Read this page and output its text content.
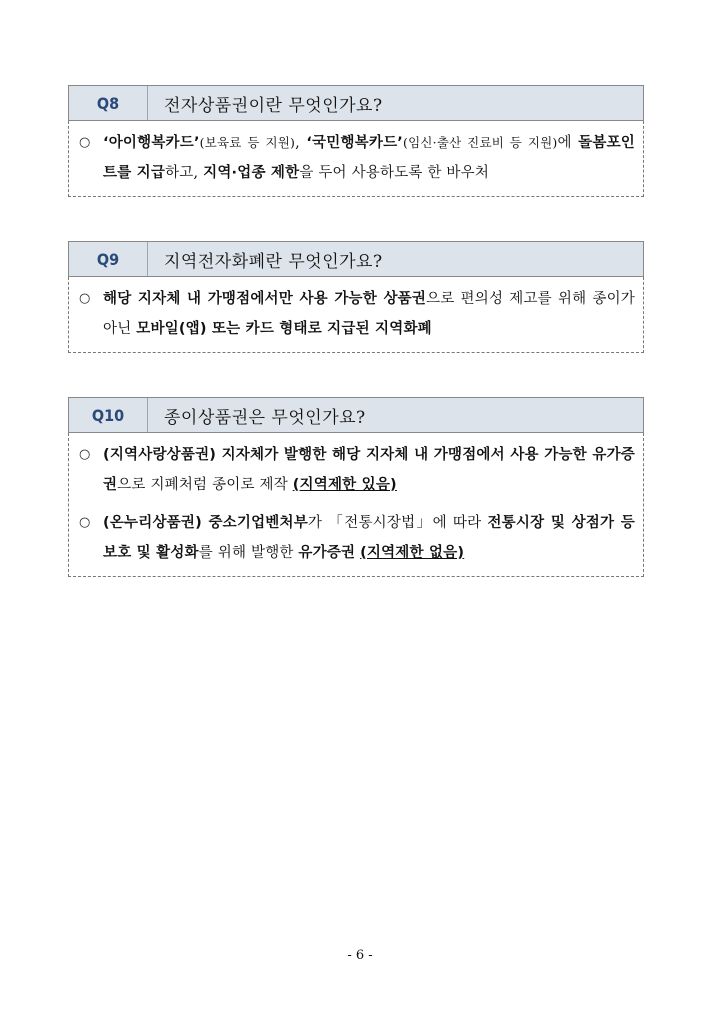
Q8	전자상품권이란 무엇인가요?
○ ‘아이행복카드’(보육료 등 지원), ‘국민행복카드’(임신·출산 진료비 등 지원)에 돌봄포인트를 지급하고, 지역·업종 제한을 두어 사용하도록 한 바우처
Q9	지역전자화폐란 무엇인가요?
○ 해당 지자체 내 가맹점에서만 사용 가능한 상품권으로 편의성 제고를 위해 종이가 아닌 모바일(앱) 또는 카드 형태로 지급된 지역화폐
Q10	종이상품권은 무엇인가요?
○ (지역사랑상품권) 지자체가 발행한 해당 지자체 내 가맹점에서 사용 가능한 유가증권으로 지폐처럼 종이로 제작 (지역제한 있음)
○ (온누리상품권) 중소기업벤처부가 「전통시장법」에 따라 전통시장 및 상점가 등 보호 및 활성화를 위해 발행한 유가증권 (지역제한 없음)
- 6 -
